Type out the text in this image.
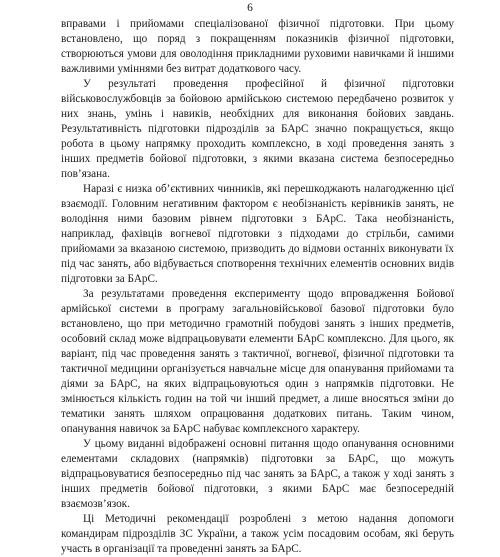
6

вправами і прийомами спеціалізованої фізичної підготовки. При цьому встановлено, що поряд з покращенням показників фізичної підготовки, створюються умови для оволодіння прикладними руховими навичками й іншими важливими уміннями без витрат додаткового часу.

У результаті проведення професійної й фізичної підготовки військовослужбовців за бойовою армійською системою передбачено розвиток у них знань, умінь і навиків, необхідних для виконання бойових завдань. Результативність підготовки підрозділів за БАрС значно покращується, якщо робота в цьому напрямку проходить комплексно, в ході проведення занять з інших предметів бойової підготовки, з якими вказана система безпосередньо пов’язана.

Наразі є низка об’єктивних чинників, які перешкоджають налагодженню цієї взаємодії. Головним негативним фактором є необізнаність керівників занять, не володіння ними базовим рівнем підготовки з БАрС. Така необізнаність, наприклад, фахівців вогневої підготовки з підходами до стрільби, самими прийомами за вказаною системою, призводить до відмови останніх виконувати їх під час занять, або відбувається спотворення технічних елементів основних видів підготовки за БАрС.

За результатами проведення експерименту щодо впровадження Бойової армійської системи в програму загальновійськової базової підготовки було встановлено, що при методично грамотній побудові занять з інших предметів, особовий склад може відпрацьовувати елементи БАрС комплексно. Для цього, як варіант, під час проведення занять з тактичної, вогневої, фізичної підготовки та тактичної медицини організується навчальне місце для опанування прийомами та діями за БАрС, на яких відпрацьовуються один з напрямків підготовки. Не змінюється кількість годин на той чи інший предмет, а лише вносяться зміни до тематики занять шляхом опрацювання додаткових питань. Таким чином, опанування навичок за БАрС набуває комплексного характеру.

У цьому виданні відображені основні питання щодо опанування основними елементами складових (напрямків) підготовки за БАрС, що можуть відпрацьовуватися безпосередньо під час занять за БАрС, а також у ході занять з інших предметів бойової підготовки, з якими БАрС має безпосередній взаємозв’язок.

Ці Методичні рекомендації розроблені з метою надання допомоги командирам підрозділів ЗС України, а також усім посадовим особам, які беруть участь в організації та проведенні занять за БАрС.
